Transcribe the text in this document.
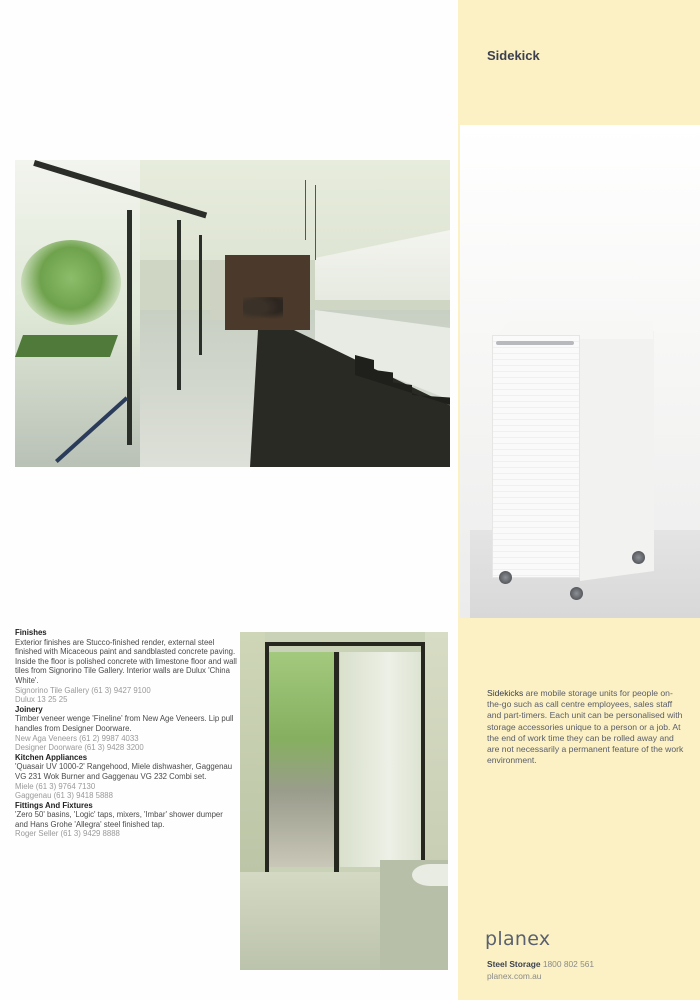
Finishes
Exterior finishes are Stucco-finished render, external steel finished with Micaceous paint and sandblasted concrete paving. Inside the floor is polished concrete with limestone floor and wall tiles from Signorino Tile Gallery. Interior walls are Dulux 'China White'.
Signorino Tile Gallery (61 3) 9427 9100
Dulux 13 25 25
Joinery
Timber veneer wenge 'Fineline' from New Age Veneers. Lip pull handles from Designer Doorware.
New Aga Veneers (61 2) 9987 4033
Designer Doorware (61 3) 9428 3200
Kitchen Appliances
'Quasair UV 1000-2' Rangehood, Miele dishwasher, Gaggenau VG 231 Wok Burner and Gaggenau VG 232 Combi set.
Miele (61 3) 9764 7130
Gaggenau (61 3) 9418 5888
Fittings And Fixtures
'Zero 50' basins, 'Logic' taps, mixers, 'Imbar' shower dumper and Hans Grohe 'Allegra' steel finished tap.
Roger Seller (61 3) 9429 8888
Sidekick
Sidekicks are mobile storage units for people on-the-go such as call centre employees, sales staff and part-timers. Each unit can be personalised with storage accessories unique to a person or a job. At the end of work time they can be rolled away and are not necessarily a permanent feature of the work environment.
planex
Steel Storage 1800 802 561
planex.com.au
